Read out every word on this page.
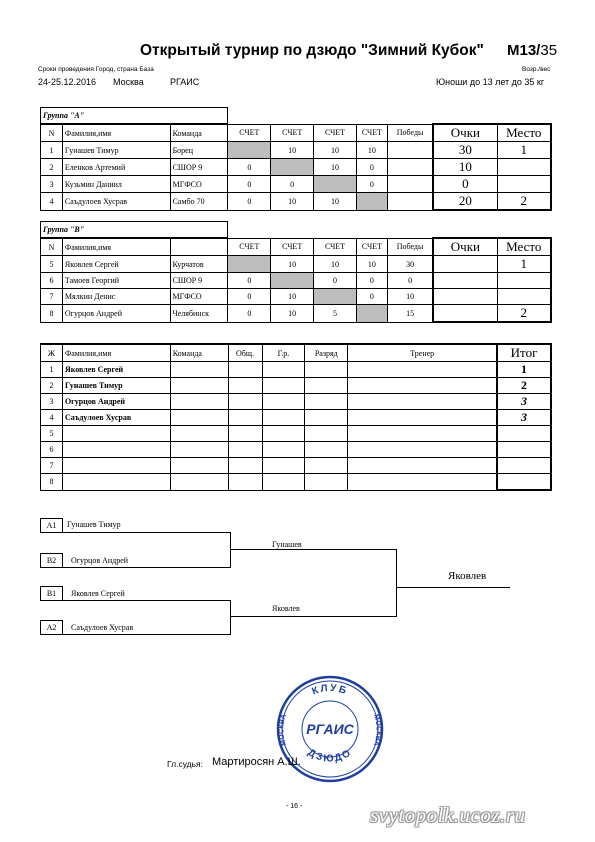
Открытый турнир по дзюдо "Зимний Кубок" М13/35
Сроки проведения Город, страна База
24-25.12.2016 Москва	РГАИС
Возр./вес
Юноши до 13 лет до 35 кг
Группа "А"									
N	Фамилия,имя	Команда	СЧЕТ	СЧЕТ	СЧЕТ	СЧЕТ	Победы	Очки	Место
1	Гунашев Тимур	Борец		10	10	10		30	1
2	Еленков Артемий	СШОР 9	0		10	0		10	
3	Кузьмин Даниил	МГФСО	0	0		0		0	
4	Саъдулоев Хусрав	Самбо 70	0	10	10			20	2
Группа "В"									
N	Фамилия,имя		СЧЕТ	СЧЕТ	СЧЕТ	СЧЕТ	Победы	Очки	Место
5	Яковлев Сергей	Курчатов		10	10	10	30		1
6	Тамоев Георгий	СШОР 9	0		0	0	0		
7	Мялкин Денис	МГФСО	0	10		0	10		
8	Огурцов Андрей	Челябинск	0	10	5		15		2
Ж	Фамилия,имя	Команда	Общ.	Г.р.	Разряд	Тренер	Итог
1	Яковлев Сергей						1
2	Гунашев Тимур						2
3	Огурцов Андрей						3
4	Саъдулоев Хусрав						3
5							
6							
7							
8							
А1	Гунашев Тимур
В2	Огурцов Андрей
Гунашев
В1	Яковлев Сергей
А2	Саъдулоев Хусрав
Яковлев
Яковлев
КЛУБ
ДЗЮДО
МОСКВА	МОСКВА
РГАИС
Гл.судья: Мартиросян А.Ш.
- 16 -	svytopolk.ucoz.ru
